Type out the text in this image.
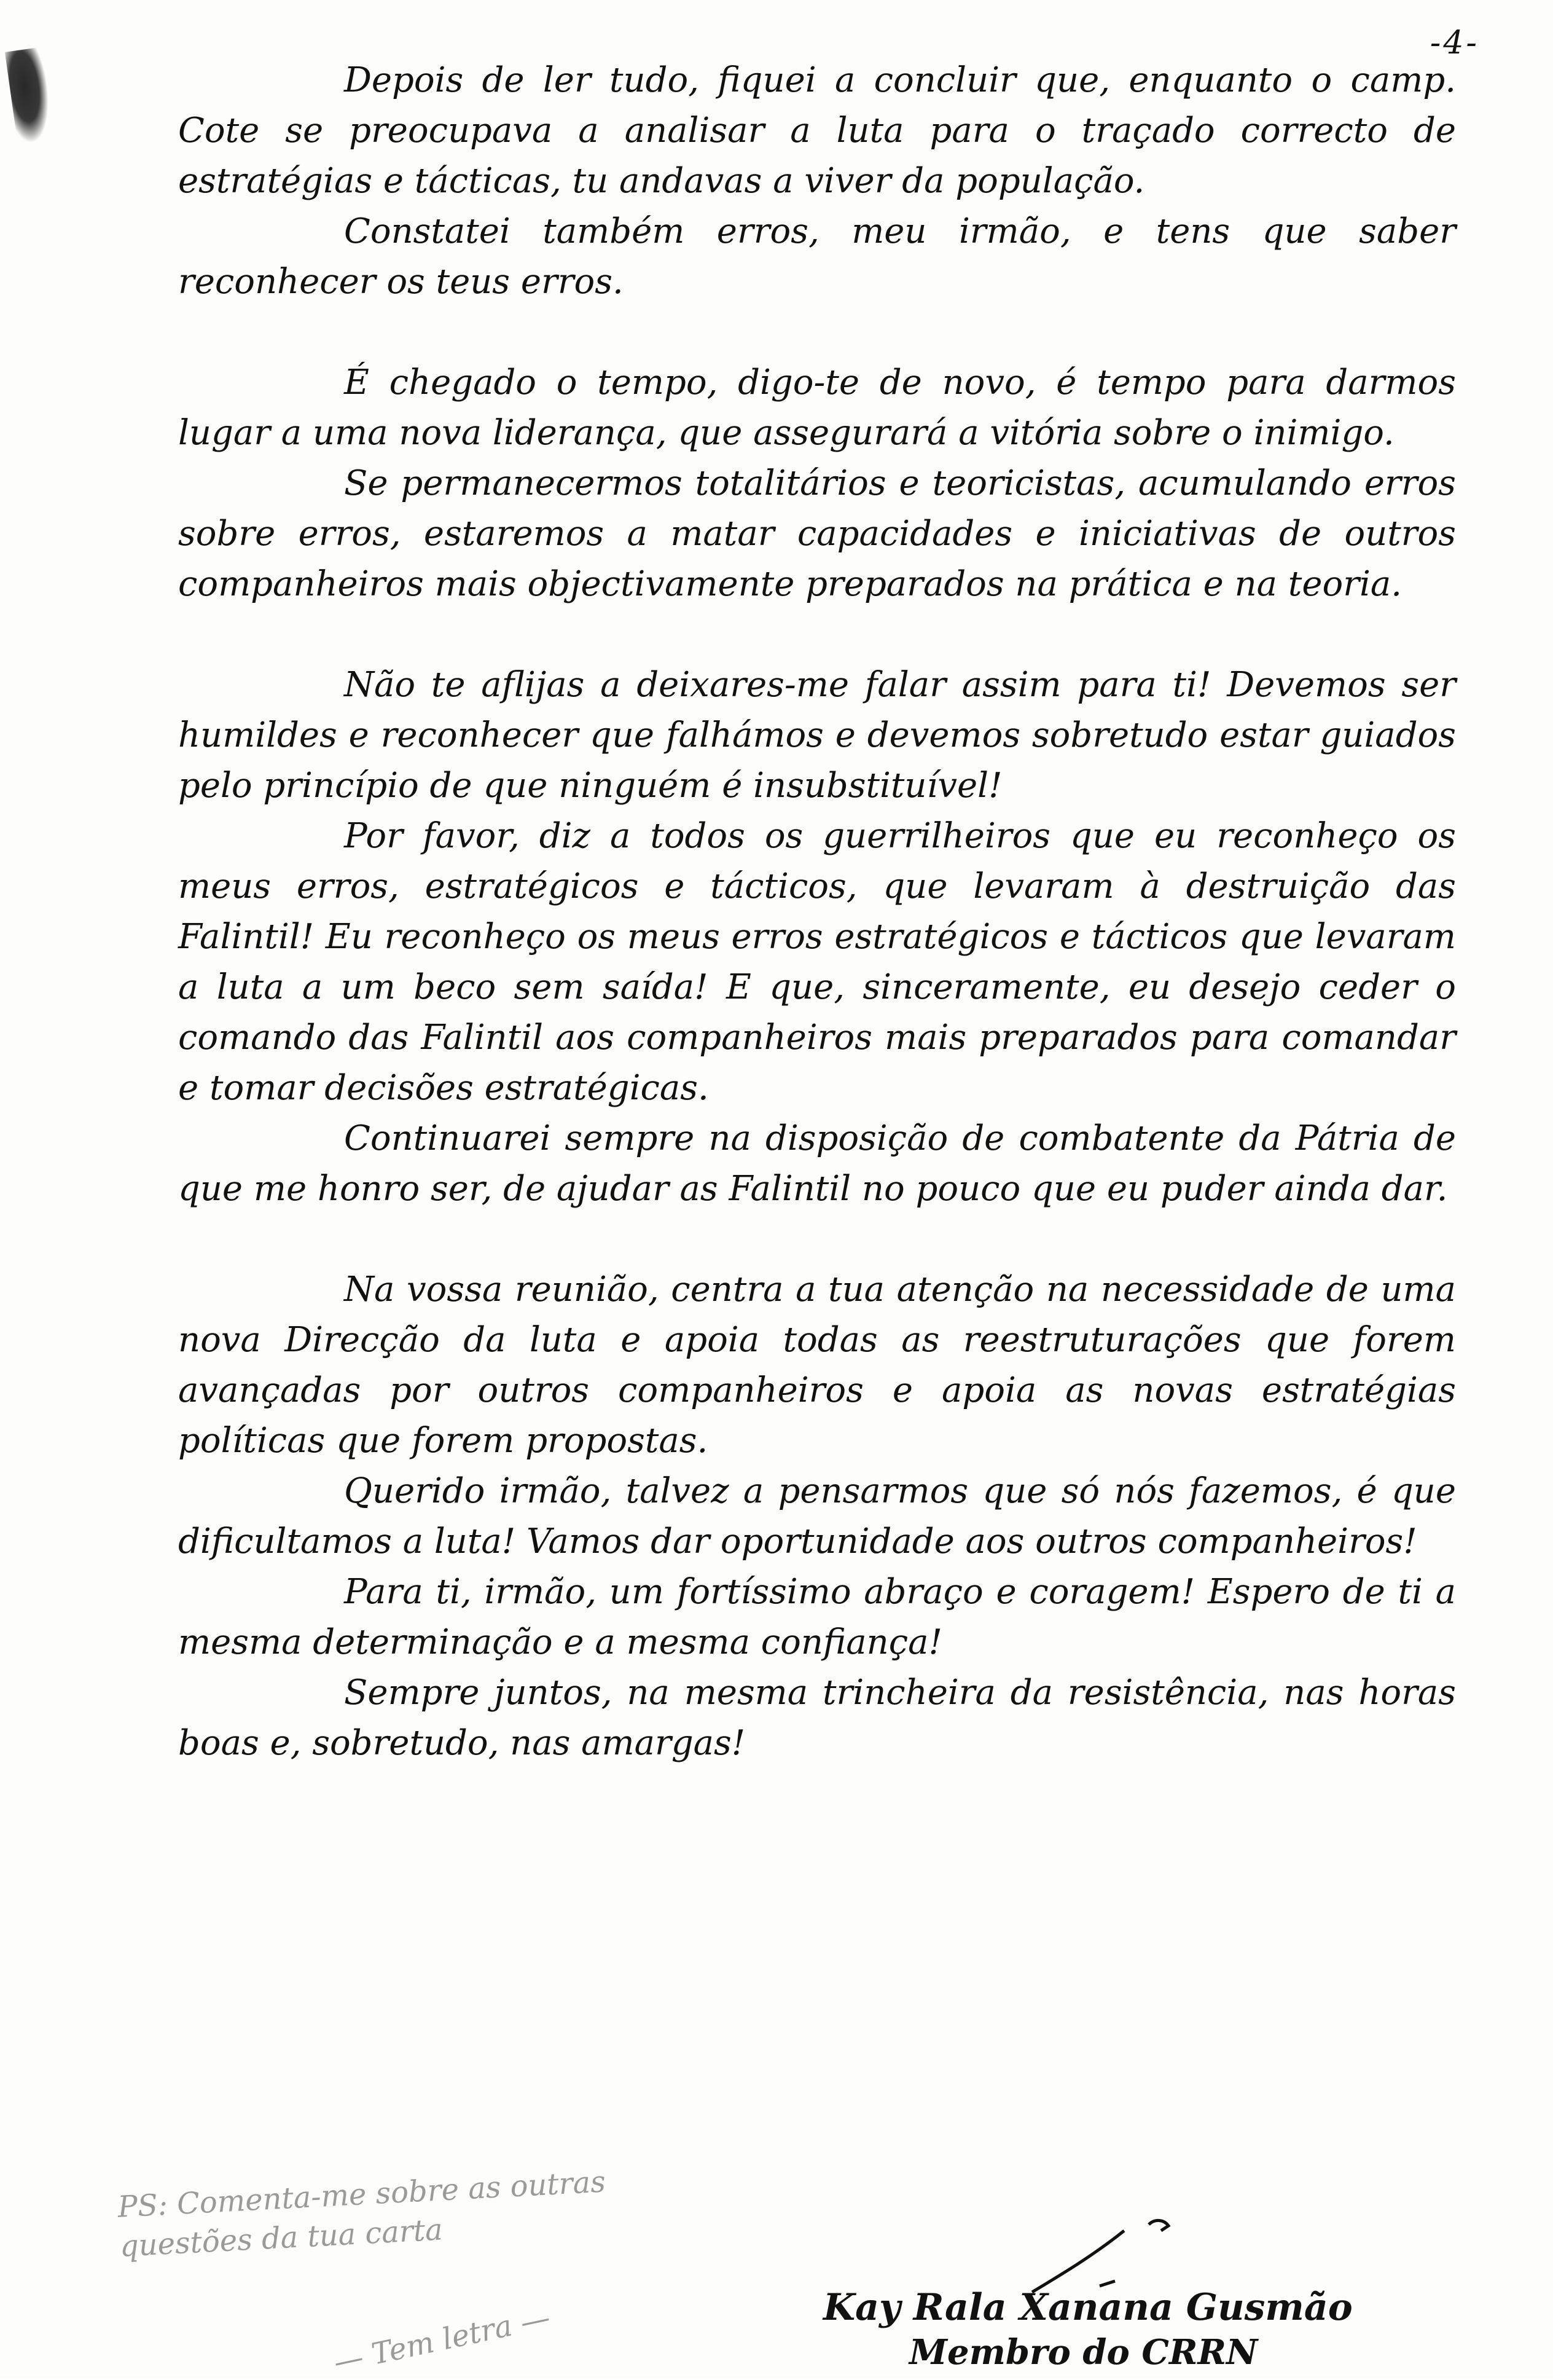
-4-

Depois de ler tudo, fiquei a concluir que, enquanto o camp. Cote se preocupava a analisar a luta para o traçado correcto de estratégias e tácticas, tu andavas a viver da população.

Constatei também erros, meu irmão, e tens que saber reconhecer os teus erros.

É chegado o tempo, digo-te de novo, é tempo para darmos lugar a uma nova liderança, que assegurará a vitória sobre o inimigo.

Se permanecermos totalitários e teoricistas, acumulando erros sobre erros, estaremos a matar capacidades e iniciativas de outros companheiros mais objectivamente preparados na prática e na teoria.

Não te aflijas a deixares-me falar assim para ti! Devemos ser humildes e reconhecer que falhámos e devemos sobretudo estar guiados pelo princípio de que ninguém é insubstituível!

Por favor, diz a todos os guerrilheiros que eu reconheço os meus erros, estratégicos e tácticos, que levaram à destruição das Falintil! Eu reconheço os meus erros estratégicos e tácticos que levaram a luta a um beco sem saída! E que, sinceramente, eu desejo ceder o comando das Falintil aos companheiros mais preparados para comandar e tomar decisões estratégicas.

Continuarei sempre na disposição de combatente da Pátria de que me honro ser, de ajudar as Falintil no pouco que eu puder ainda dar.

Na vossa reunião, centra a tua atenção na necessidade de uma nova Direcção da luta e apoia todas as reestruturações que forem avançadas por outros companheiros e apoia as novas estratégias políticas que forem propostas.

Querido irmão, talvez a pensarmos que só nós fazemos, é que dificultamos a luta! Vamos dar oportunidade aos outros companheiros!

Para ti, irmão, um fortíssimo abraço e coragem! Espero de ti a mesma determinação e a mesma confiança!

Sempre juntos, na mesma trincheira da resistência, nas horas boas e, sobretudo, nas amargas!

PS: Comenta-me sobre as outras questões da tua carta
— Tem letra —	Kay Rala Xanana Gusmão
Membro do CRRN
